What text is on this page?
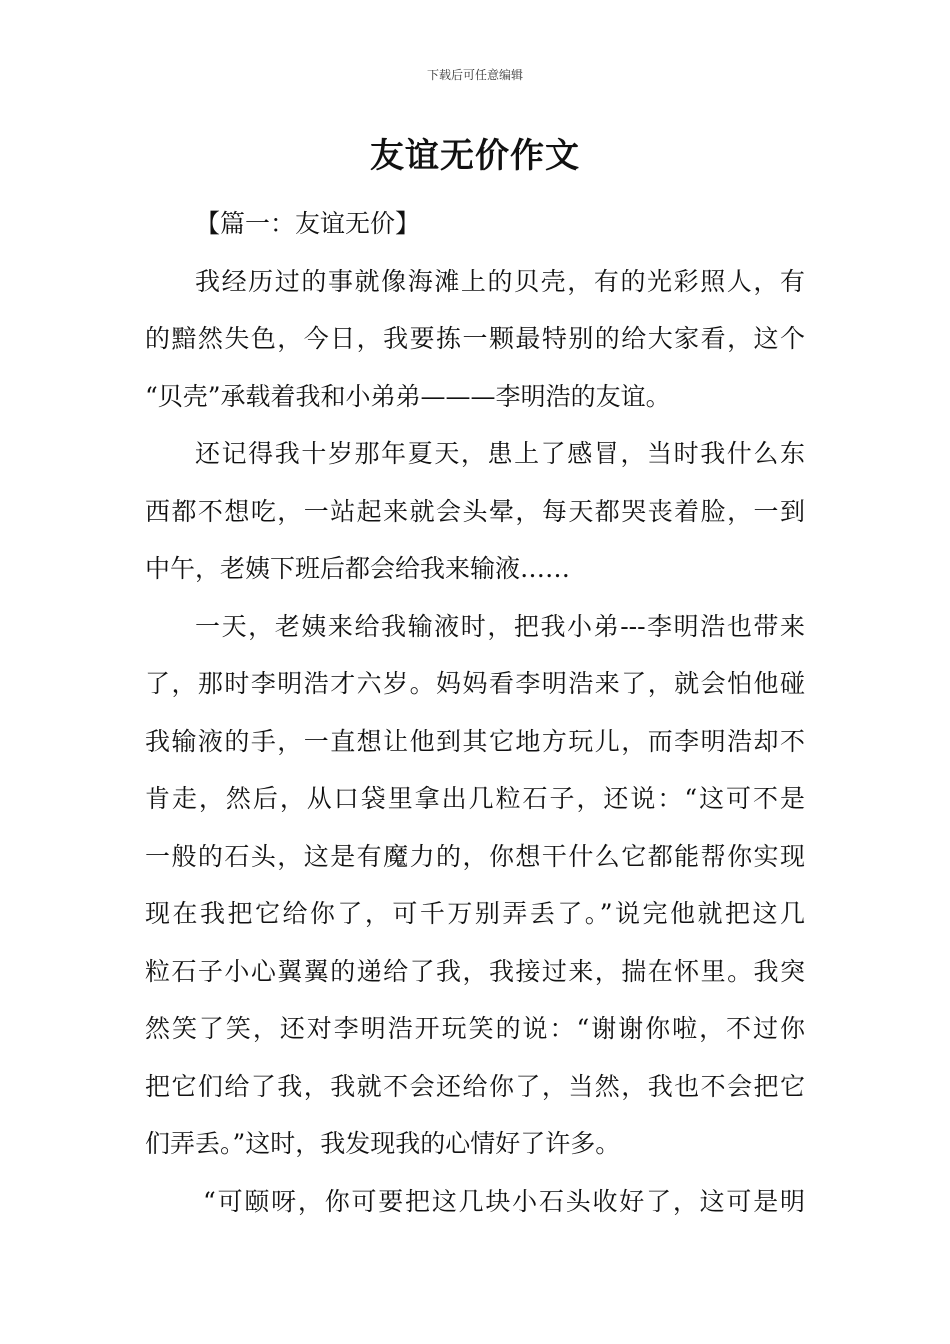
下载后可任意编辑
友谊无价作文
【篇一：友谊无价】
我经历过的事就像海滩上的贝壳，有的光彩照人，有
的黯然失色，今日，我要拣一颗最特别的给大家看，这个
“贝壳”承载着我和小弟弟———李明浩的友谊。
还记得我十岁那年夏天，患上了感冒，当时我什么东
西都不想吃，一站起来就会头晕，每天都哭丧着脸，一到
中午，老姨下班后都会给我来输液……
一天，老姨来给我输液时，把我小弟---李明浩也带来
了，那时李明浩才六岁。妈妈看李明浩来了，就会怕他碰
我输液的手，一直想让他到其它地方玩儿，而李明浩却不
肯走，然后，从口袋里拿出几粒石子，还说：“这可不是
一般的石头，这是有魔力的，你想干什么它都能帮你实现
现在我把它给你了，可千万别弄丢了。”说完他就把这几
粒石子小心翼翼的递给了我，我接过来，揣在怀里。我突
然笑了笑，还对李明浩开玩笑的说：“谢谢你啦，不过你
把它们给了我，我就不会还给你了，当然，我也不会把它
们弄丢。”这时，我发现我的心情好了许多。
“可颐呀，你可要把这几块小石头收好了，这可是明
